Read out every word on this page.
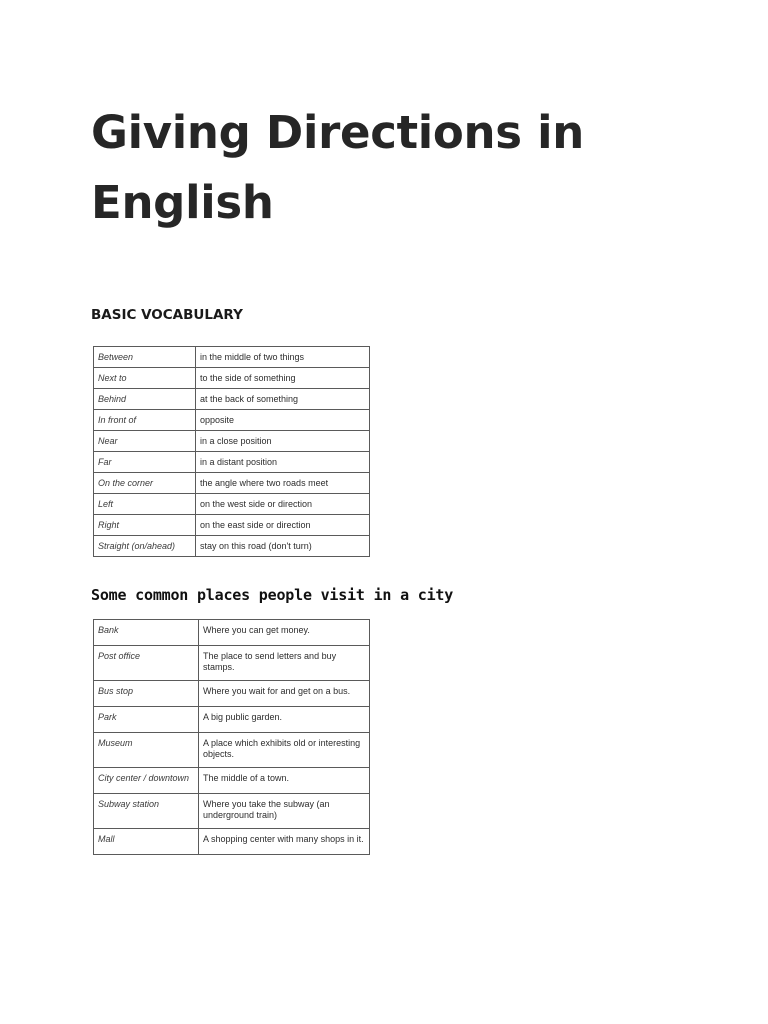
Giving Directions in English
BASIC VOCABULARY
Between	in the middle of two things
Next to	to the side of something
Behind	at the back of something
In front of	opposite
Near	in a close position
Far	in a distant position
On the corner	the angle where two roads meet
Left	on the west side or direction
Right	on the east side or direction
Straight (on/ahead)	stay on this road (don't turn)
Some common places people visit in a city
Bank	Where you can get money.
Post office	The place to send letters and buy stamps.
Bus stop	Where you wait for and get on a bus.
Park	A big public garden.
Museum	A place which exhibits old or interesting objects.
City center / downtown	The middle of a town.
Subway station	Where you take the subway (an underground train)
Mall	A shopping center with many shops in it.
